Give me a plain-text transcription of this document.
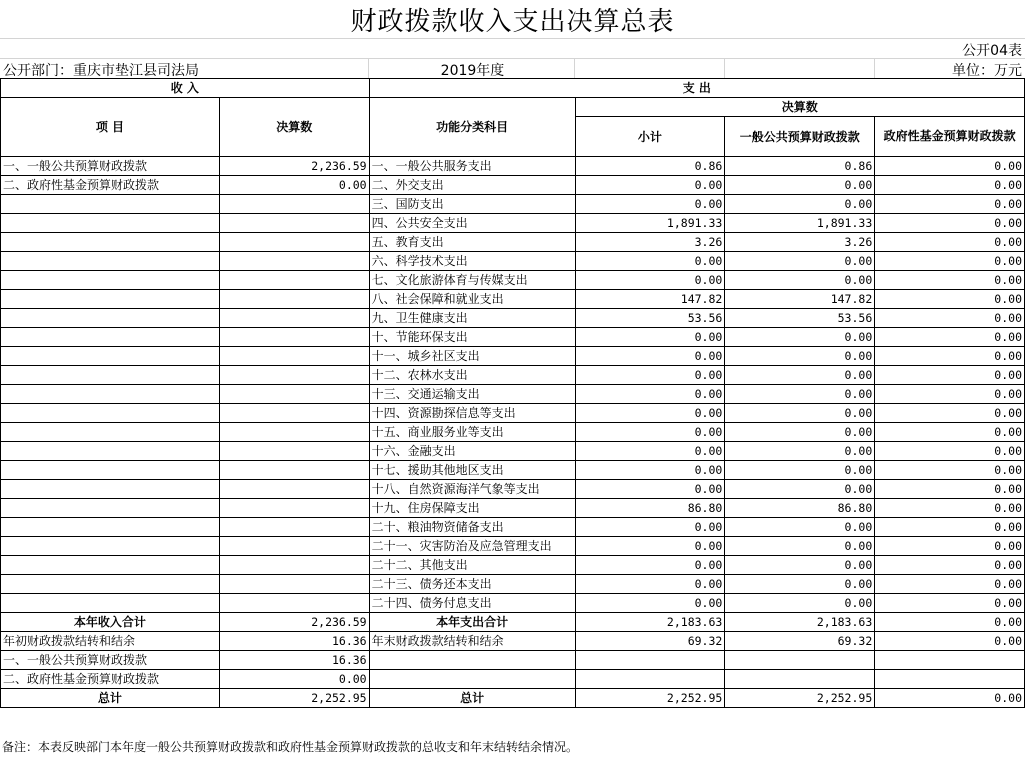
财政拨款收入支出决算总表
公开04表
公开部门：重庆市垫江县司法局	2019年度	单位：万元
收 入		支 出			
项 目	决算数	功能分类科目	决算数		
			小计	一般公共预算财政拨款	政府性基金预算财政拨款

一、一般公共预算财政拨款	2,236.59	一、一般公共服务支出	0.86	0.86	0.00
二、政府性基金预算财政拨款	0.00	二、外交支出	0.00	0.00	0.00
		三、国防支出	0.00	0.00	0.00
		四、公共安全支出	1,891.33	1,891.33	0.00
		五、教育支出	3.26	3.26	0.00
		六、科学技术支出	0.00	0.00	0.00
		七、文化旅游体育与传媒支出	0.00	0.00	0.00
		八、社会保障和就业支出	147.82	147.82	0.00
		九、卫生健康支出	53.56	53.56	0.00
		十、节能环保支出	0.00	0.00	0.00
		十一、城乡社区支出	0.00	0.00	0.00
		十二、农林水支出	0.00	0.00	0.00
		十三、交通运输支出	0.00	0.00	0.00
		十四、资源勘探信息等支出	0.00	0.00	0.00
		十五、商业服务业等支出	0.00	0.00	0.00
		十六、金融支出	0.00	0.00	0.00
		十七、援助其他地区支出	0.00	0.00	0.00
		十八、自然资源海洋气象等支出	0.00	0.00	0.00
		十九、住房保障支出	86.80	86.80	0.00
		二十、粮油物资储备支出	0.00	0.00	0.00
		二十一、灾害防治及应急管理支出	0.00	0.00	0.00
		二十二、其他支出	0.00	0.00	0.00
		二十三、债务还本支出	0.00	0.00	0.00
		二十四、债务付息支出	0.00	0.00	0.00
本年收入合计	2,236.59	本年支出合计	2,183.63	2,183.63	0.00
年初财政拨款结转和结余	16.36	年末财政拨款结转和结余	69.32	69.32	0.00
一、一般公共预算财政拨款	16.36				
二、政府性基金预算财政拨款	0.00				
总计	2,252.95	总计	2,252.95	2,252.95	0.00
备注：本表反映部门本年度一般公共预算财政拨款和政府性基金预算财政拨款的总收支和年末结转结余情况。
